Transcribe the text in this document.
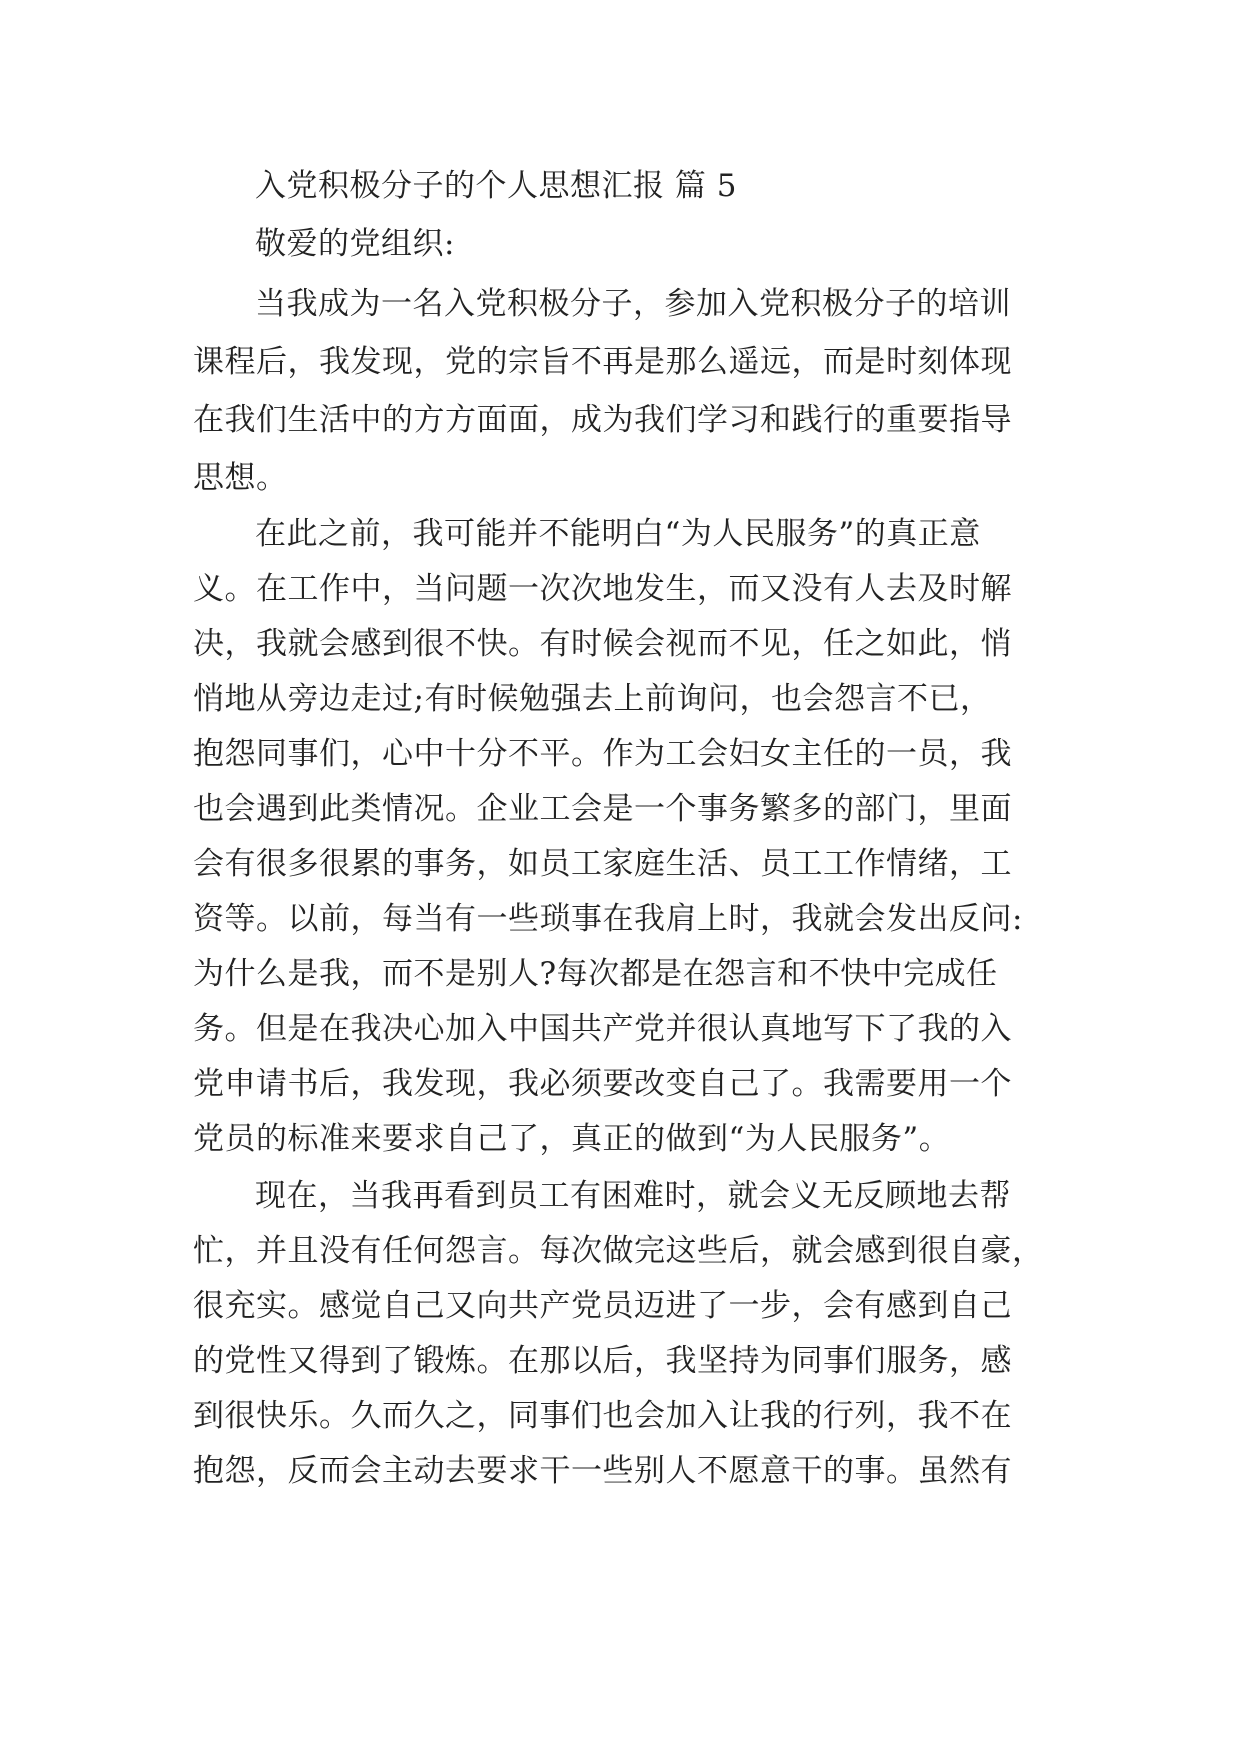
入党积极分子的个人思想汇报 篇 5
敬爱的党组织:
当我成为一名入党积极分子，参加入党积极分子的培训
课程后，我发现，党的宗旨不再是那么遥远，而是时刻体现
在我们生活中的方方面面，成为我们学习和践行的重要指导
思想。
在此之前，我可能并不能明白“为人民服务”的真正意
义。在工作中，当问题一次次地发生，而又没有人去及时解
决，我就会感到很不快。有时候会视而不见，任之如此，悄
悄地从旁边走过;有时候勉强去上前询问，也会怨言不已，
抱怨同事们，心中十分不平。作为工会妇女主任的一员，我
也会遇到此类情况。企业工会是一个事务繁多的部门，里面
会有很多很累的事务，如员工家庭生活、员工工作情绪，工
资等。以前，每当有一些琐事在我肩上时，我就会发出反问:
为什么是我，而不是别人?每次都是在怨言和不快中完成任
务。但是在我决心加入中国共产党并很认真地写下了我的入
党申请书后，我发现，我必须要改变自己了。我需要用一个
党员的标准来要求自己了，真正的做到“为人民服务”。
现在，当我再看到员工有困难时，就会义无反顾地去帮
忙，并且没有任何怨言。每次做完这些后，就会感到很自豪，
很充实。感觉自己又向共产党员迈进了一步，会有感到自己
的党性又得到了锻炼。在那以后，我坚持为同事们服务，感
到很快乐。久而久之，同事们也会加入让我的行列，我不在
抱怨，反而会主动去要求干一些别人不愿意干的事。虽然有
